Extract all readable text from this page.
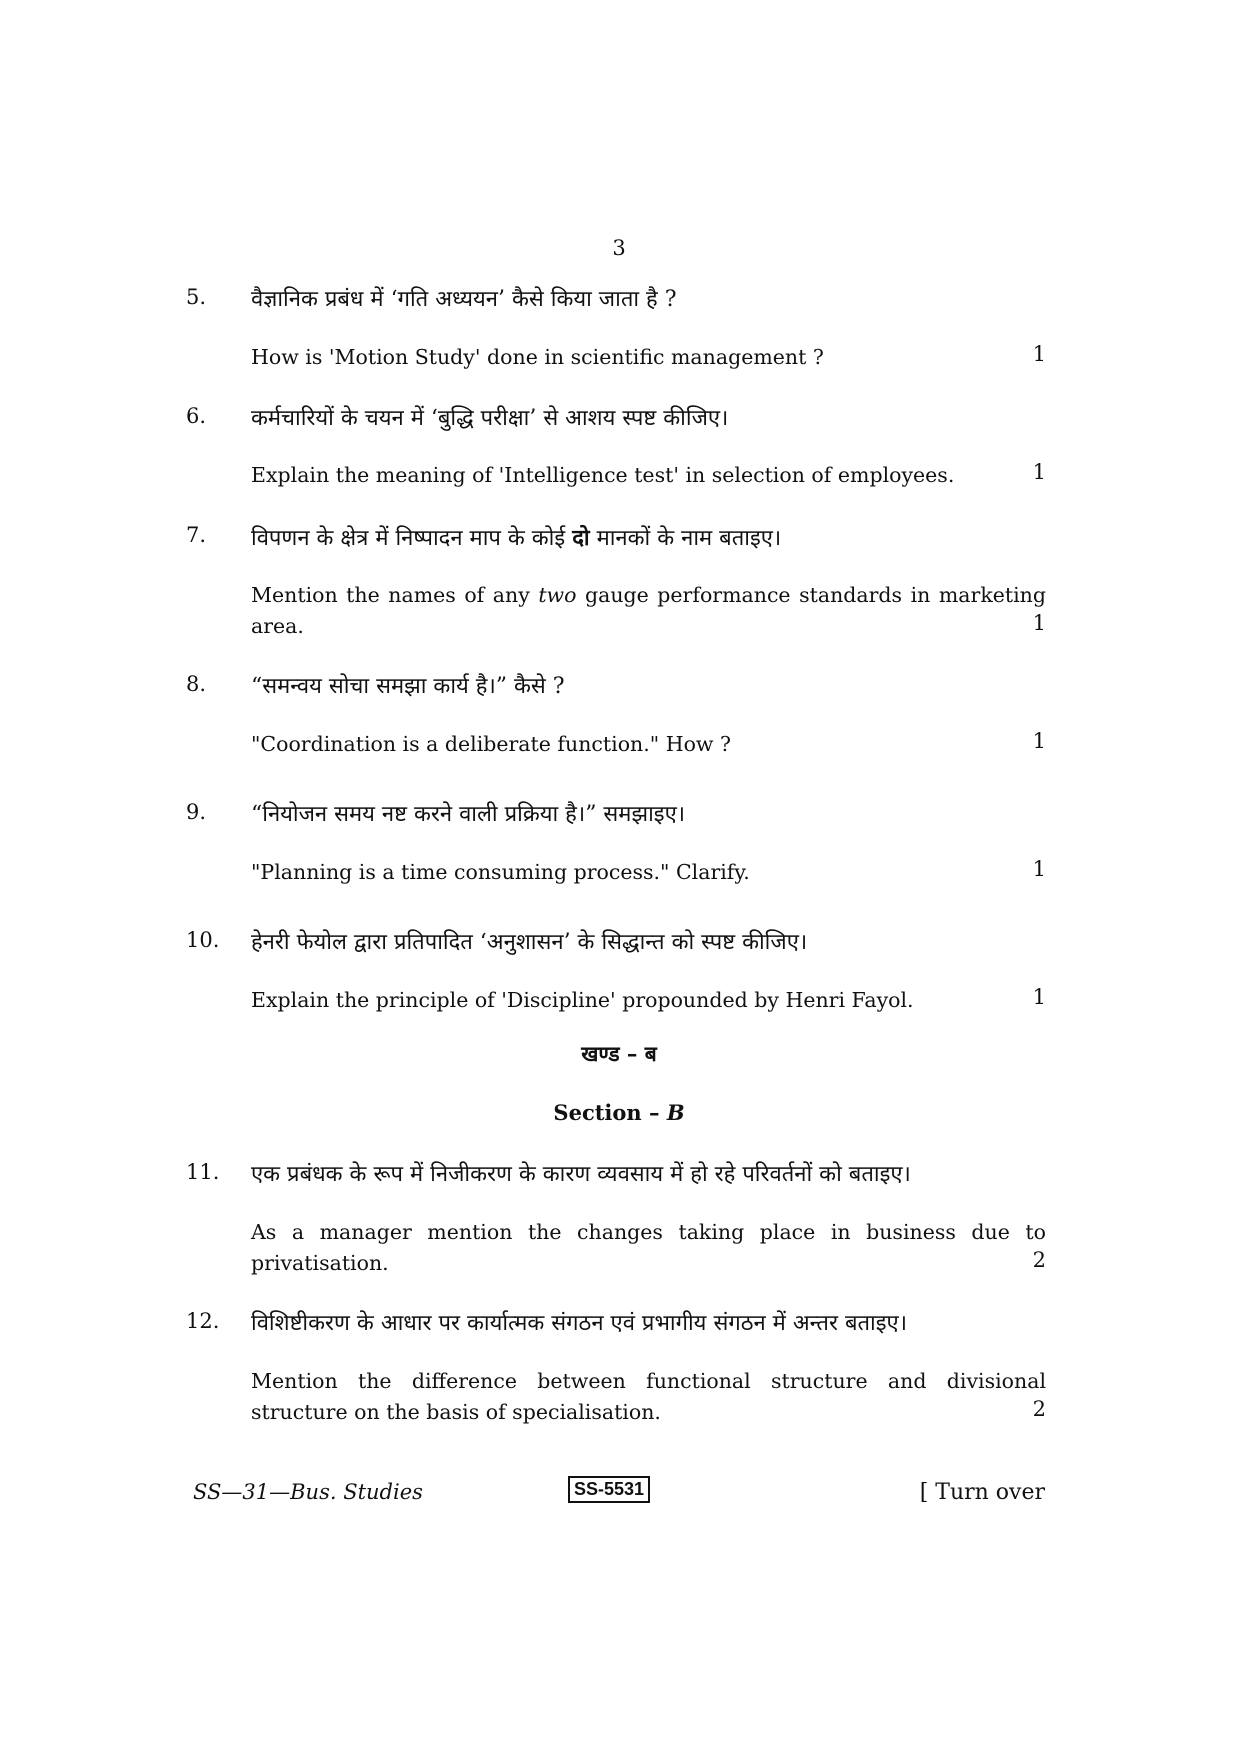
3
5. वैज्ञानिक प्रबंध में ‘गति अध्ययन’ कैसे किया जाता है ?
How is 'Motion Study' done in scientific management ?	1
6. कर्मचारियों के चयन में ‘बुद्धि परीक्षा’ से आशय स्पष्ट कीजिए।
Explain the meaning of 'Intelligence test' in selection of employees.	1
7. विपणन के क्षेत्र में निष्पादन माप के कोई दो मानकों के नाम बताइए।
Mention the names of any two gauge performance standards in marketing area.	1
8. “समन्वय सोचा समझा कार्य है।” कैसे ?
"Coordination is a deliberate function." How ?	1
9. “नियोजन समय नष्ट करने वाली प्रक्रिया है।” समझाइए।
"Planning is a time consuming process." Clarify.	1
10. हेनरी फेयोल द्वारा प्रतिपादित ‘अनुशासन’ के सिद्धान्त को स्पष्ट कीजिए।
Explain the principle of 'Discipline' propounded by Henri Fayol.	1
खण्ड – ब
Section – B
11. एक प्रबंधक के रूप में निजीकरण के कारण व्यवसाय में हो रहे परिवर्तनों को बताइए।
As a manager mention the changes taking place in business due to privatisation.	2
12. विशिष्टीकरण के आधार पर कार्यात्मक संगठन एवं प्रभागीय संगठन में अन्तर बताइए।
Mention the difference between functional structure and divisional structure on the basis of specialisation.	2
SS—31—Bus. Studies	SS-5531	[ Turn over
